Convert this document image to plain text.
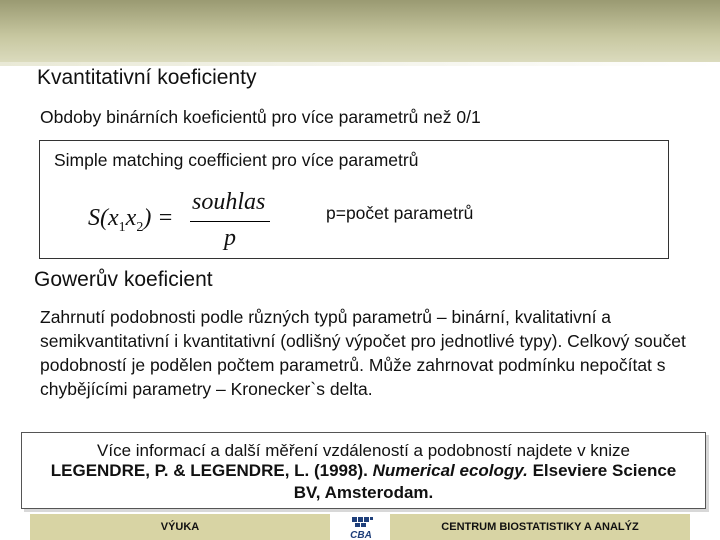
Kvantitativní koeficienty
Obdoby binárních koeficientů pro více parametrů než 0/1
Simple matching coefficient pro více parametrů
$S(x_1x_2)$ =
souhlas
p
p=počet parametrů
Gowerův koeficient
Zahrnutí podobnosti podle různých typů parametrů – binární, kvalitativní a semikvantitativní i kvantitativní (odlišný výpočet pro jednotlivé typy). Celkový součet podobností je podělen počtem parametrů. Může zahrnovat podmínku nepočítat s chybějícími parametry – Kronecker`s delta.
Více informací a další měření vzdáleností a podobností najdete v knize
LEGENDRE, P. & LEGENDRE, L. (1998). Numerical ecology. Elseviere Science
BV, Amsterodam.
VÝUKA
CBA
CENTRUM BIOSTATISTIKY A ANALÝZ
